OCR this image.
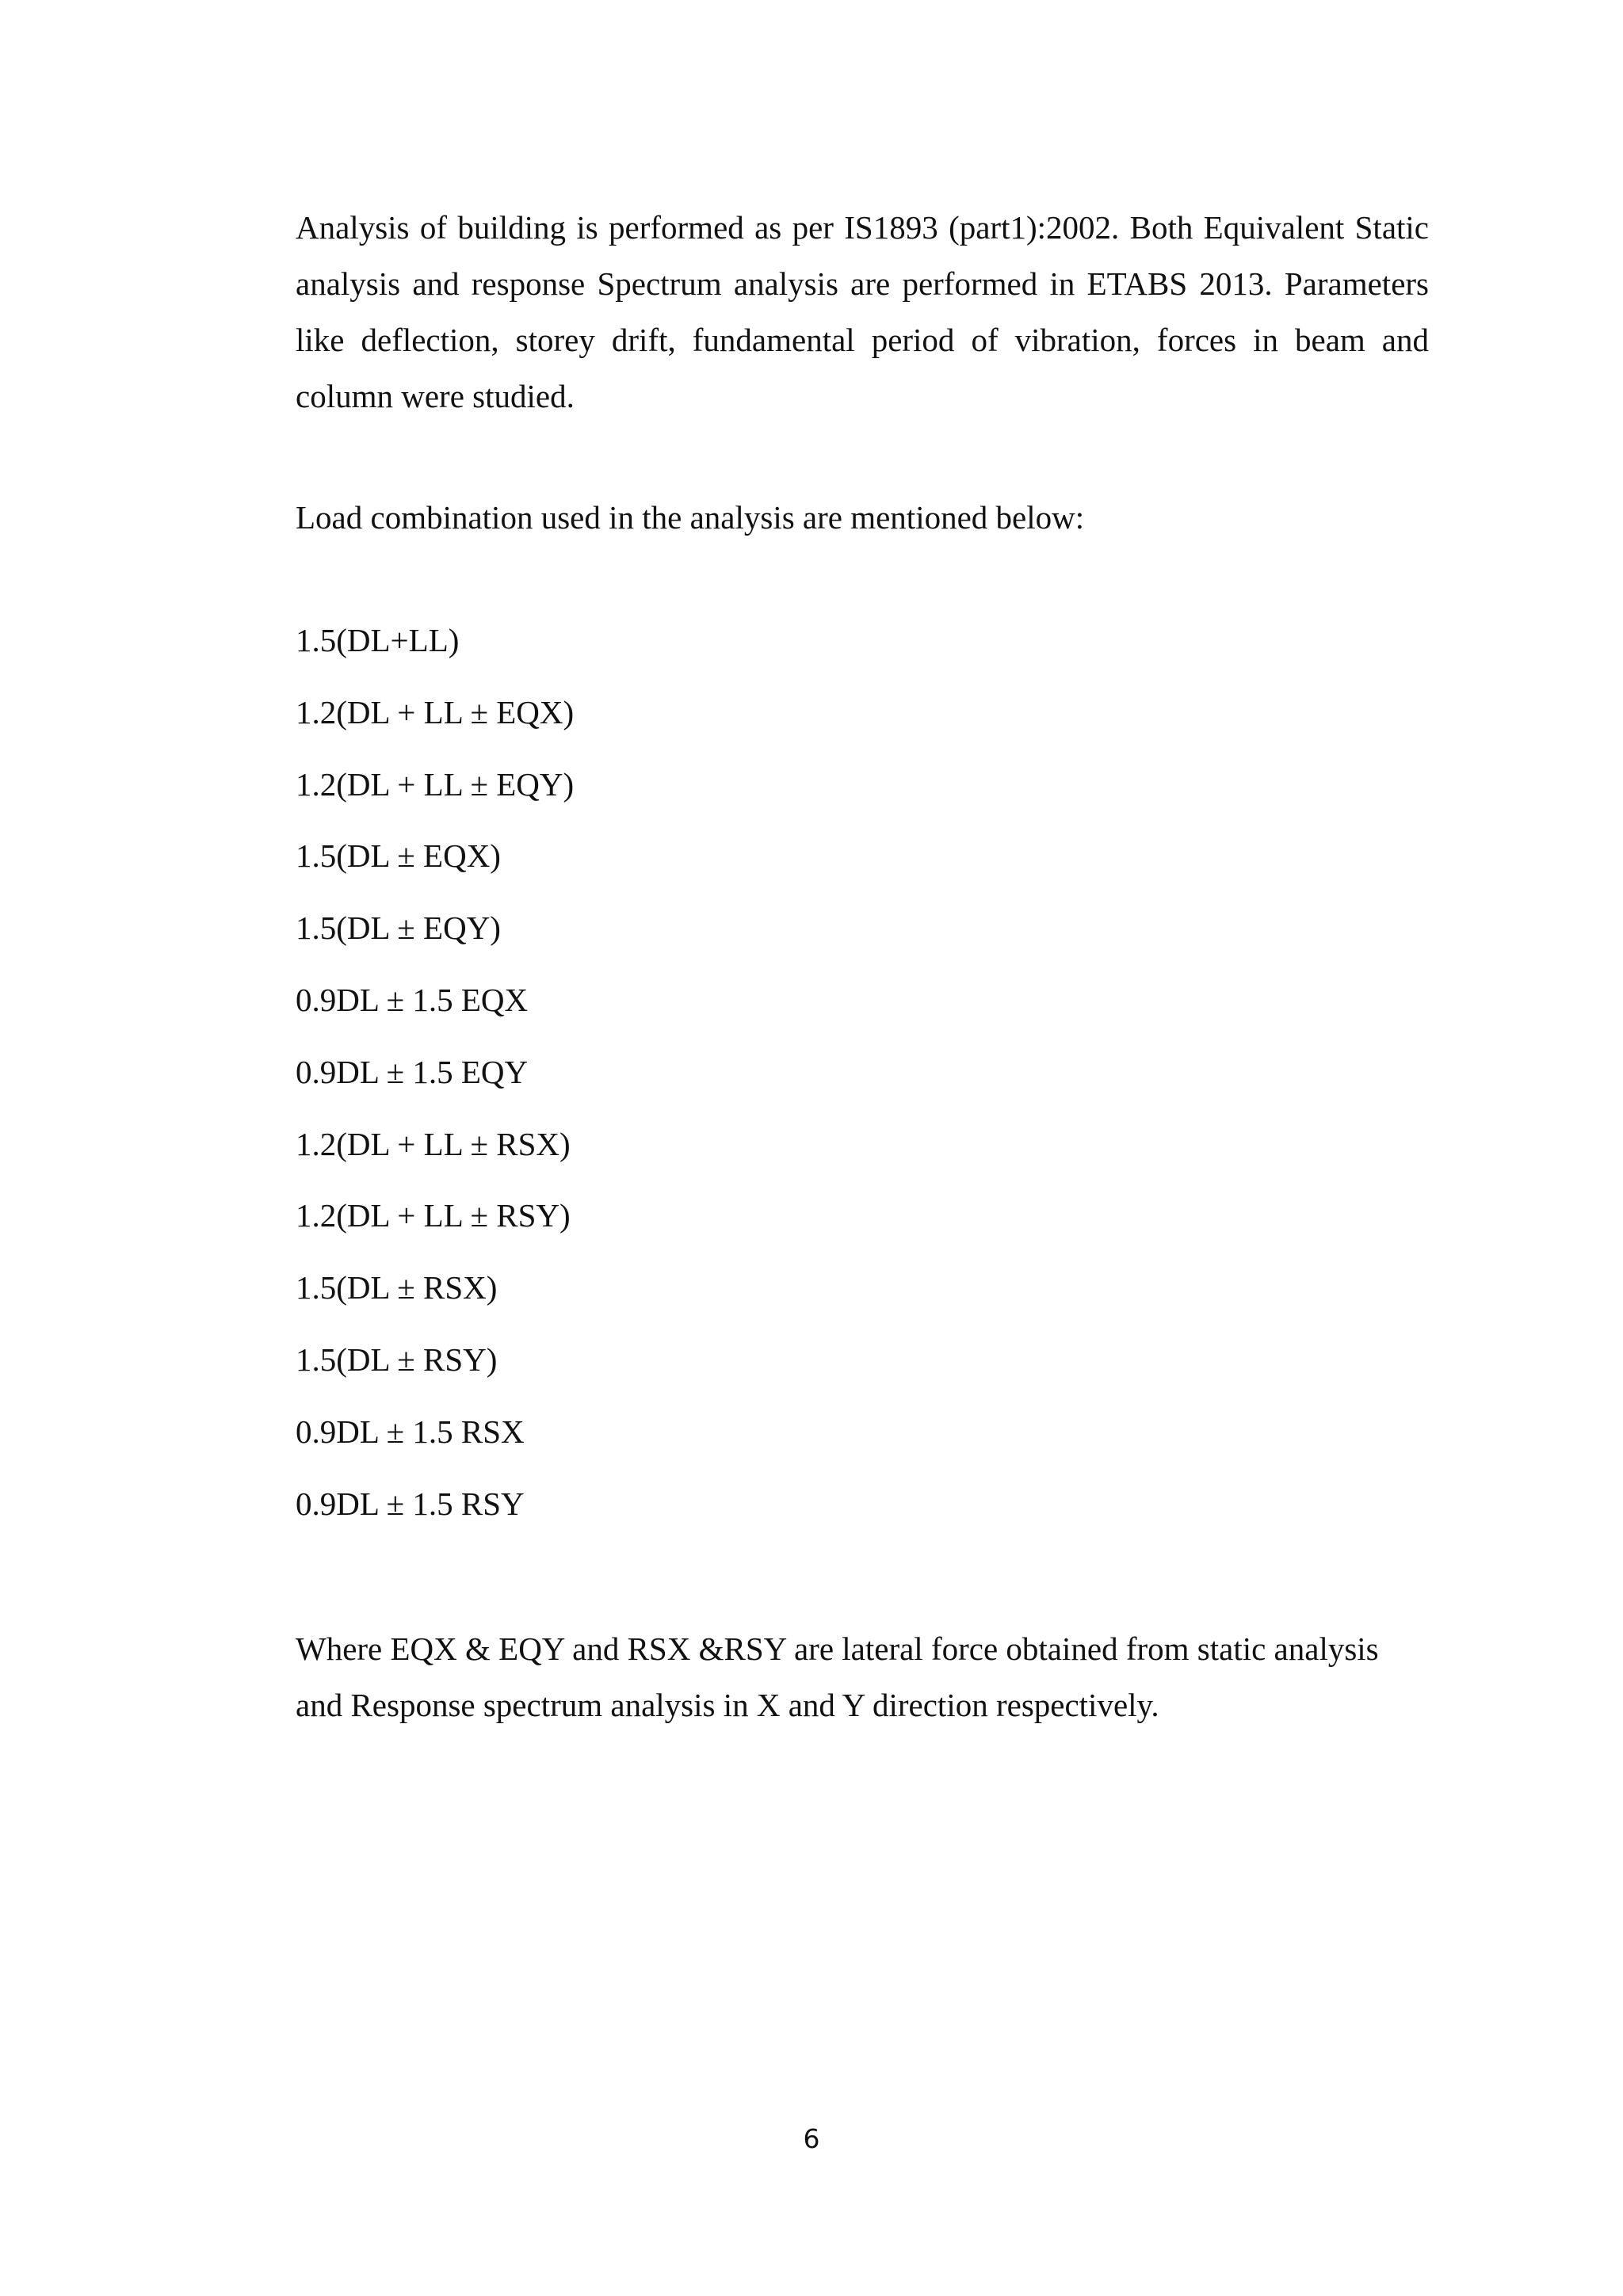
Analysis of building is performed as per IS1893 (part1):2002. Both Equivalent Static analysis and response Spectrum analysis are performed in ETABS 2013. Parameters like deflection, storey drift, fundamental period of vibration, forces in beam and column were studied.

Load combination used in the analysis are mentioned below:

1.5(DL+LL)
1.2(DL + LL ± EQX)
1.2(DL + LL ± EQY)
1.5(DL ± EQX)
1.5(DL ± EQY)
0.9DL ± 1.5 EQX
0.9DL ± 1.5 EQY
1.2(DL + LL ± RSX)
1.2(DL + LL ± RSY)
1.5(DL ± RSX)
1.5(DL ± RSY)
0.9DL ± 1.5 RSX
0.9DL ± 1.5 RSY

Where EQX & EQY and RSX &RSY are lateral force obtained from static analysis and Response spectrum analysis in X and Y direction respectively.

6
